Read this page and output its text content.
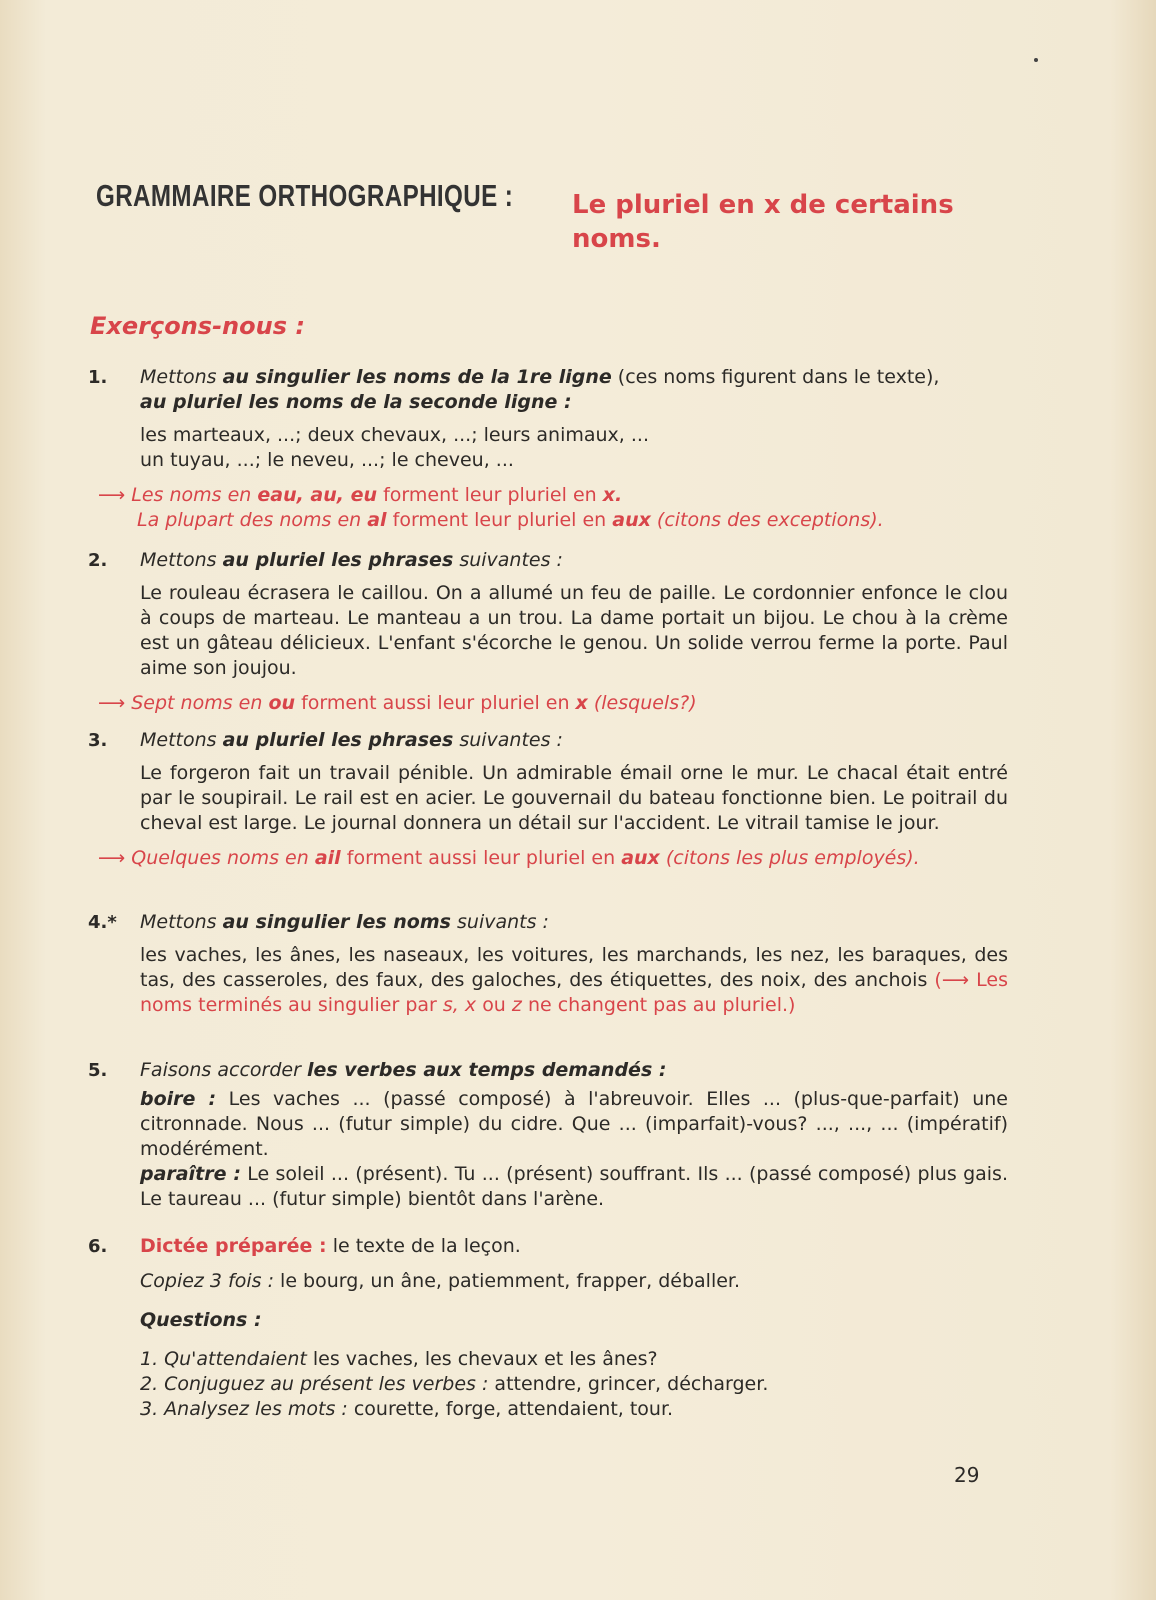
GRAMMAIRE ORTHOGRAPHIQUE : Le pluriel en x de certains noms.
Exerçons-nous :
1. Mettons au singulier les noms de la 1re ligne (ces noms figurent dans le texte),
au pluriel les noms de la seconde ligne :

les marteaux, ...; deux chevaux, ...; leurs animaux, ...
un tuyau, ...; le neveu, ...; le cheveu, ...

⟶ Les noms en eau, au, eu forment leur pluriel en x.

La plupart des noms en al forment leur pluriel en aux (citons des exceptions).

2. Mettons au pluriel les phrases suivantes :

Le rouleau écrasera le caillou. On a allumé un feu de paille. Le cordonnier enfonce le clou à coups de marteau. Le manteau a un trou. La dame portait un bijou. Le chou à la crème est un gâteau délicieux. L'enfant s'écorche le genou. Un solide verrou ferme la porte. Paul aime son joujou.

⟶ Sept noms en ou forment aussi leur pluriel en x (lesquels?)

3. Mettons au pluriel les phrases suivantes :

Le forgeron fait un travail pénible. Un admirable émail orne le mur. Le chacal était entré par le soupirail. Le rail est en acier. Le gouvernail du bateau fonctionne bien. Le poitrail du cheval est large. Le journal donnera un détail sur l'accident. Le vitrail tamise le jour.

⟶ Quelques noms en ail forment aussi leur pluriel en aux (citons les plus employés).

4.* Mettons au singulier les noms suivants :

les vaches, les ânes, les naseaux, les voitures, les marchands, les nez, les baraques, des tas, des casseroles, des faux, des galoches, des étiquettes, des noix, des anchois (⟶ Les noms terminés au singulier par s, x ou z ne changent pas au pluriel.)

5. Faisons accorder les verbes aux temps demandés :

boire : Les vaches ... (passé composé) à l'abreuvoir. Elles ... (plus-que-parfait) une citronnade. Nous ... (futur simple) du cidre. Que ... (imparfait)-vous? ..., ..., ... (impératif) modérément.
paraître : Le soleil ... (présent). Tu ... (présent) souffrant. Ils ... (passé composé) plus gais. Le taureau ... (futur simple) bientôt dans l'arène.

6. Dictée préparée : le texte de la leçon.

Copiez 3 fois : le bourg, un âne, patiemment, frapper, déballer.

Questions :

1. Qu'attendaient les vaches, les chevaux et les ânes?

2. Conjuguez au présent les verbes : attendre, grincer, décharger.

3. Analysez les mots : courette, forge, attendaient, tour.

29
